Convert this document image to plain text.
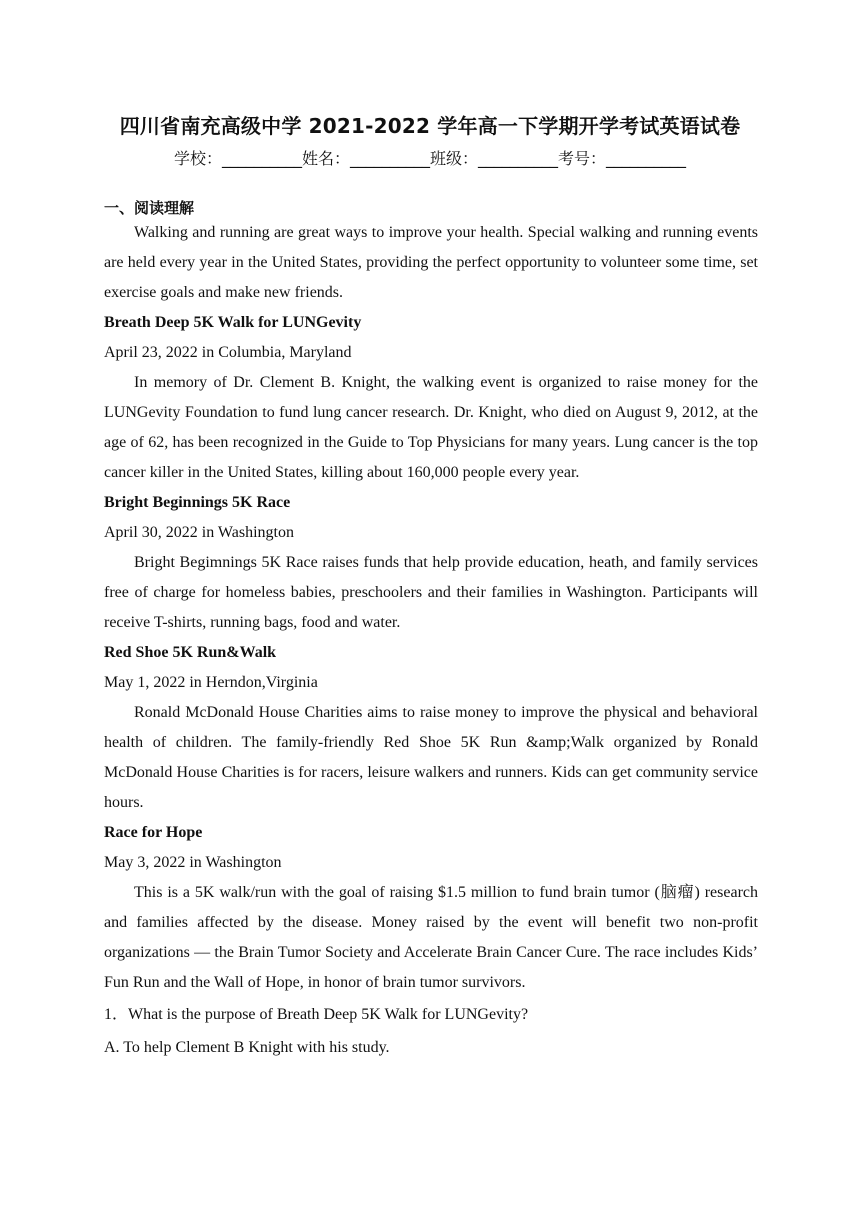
四川省南充高级中学 2021-2022 学年高一下学期开学考试英语试卷
学校：__________姓名：__________班级：__________考号：__________
一、阅读理解

Walking and running are great ways to improve your health. Special walking and running events are held every year in the United States, providing the perfect opportunity to volunteer some time, set exercise goals and make new friends.

Breath Deep 5K Walk for LUNGevity

April 23, 2022 in Columbia, Maryland

In memory of Dr. Clement B. Knight, the walking event is organized to raise money for the LUNGevity Foundation to fund lung cancer research. Dr. Knight, who died on August 9, 2012, at the age of 62, has been recognized in the Guide to Top Physicians for many years. Lung cancer is the top cancer killer in the United States, killing about 160,000 people every year.

Bright Beginnings 5K Race

April 30, 2022 in Washington

Bright Begimnings 5K Race raises funds that help provide education, heath, and family services free of charge for homeless babies, preschoolers and their families in Washington. Participants will receive T-shirts, running bags, food and water.

Red Shoe 5K Run&Walk

May 1, 2022 in Herndon,Virginia

Ronald McDonald House Charities aims to raise money to improve the physical and behavioral health of children. The family-friendly Red Shoe 5K Run &amp;Walk organized by Ronald McDonald House Charities is for racers, leisure walkers and runners. Kids can get community service hours.

Race for Hope

May 3, 2022 in Washington

This is a 5K walk/run with the goal of raising $1.5 million to fund brain tumor (脑瘤) research and families affected by the disease. Money raised by the event will benefit two non-profit organizations — the Brain Tumor Society and Accelerate Brain Cancer Cure. The race includes Kids’ Fun Run and the Wall of Hope, in honor of brain tumor survivors.

1．What is the purpose of Breath Deep 5K Walk for LUNGevity?

A. To help Clement B Knight with his study.
